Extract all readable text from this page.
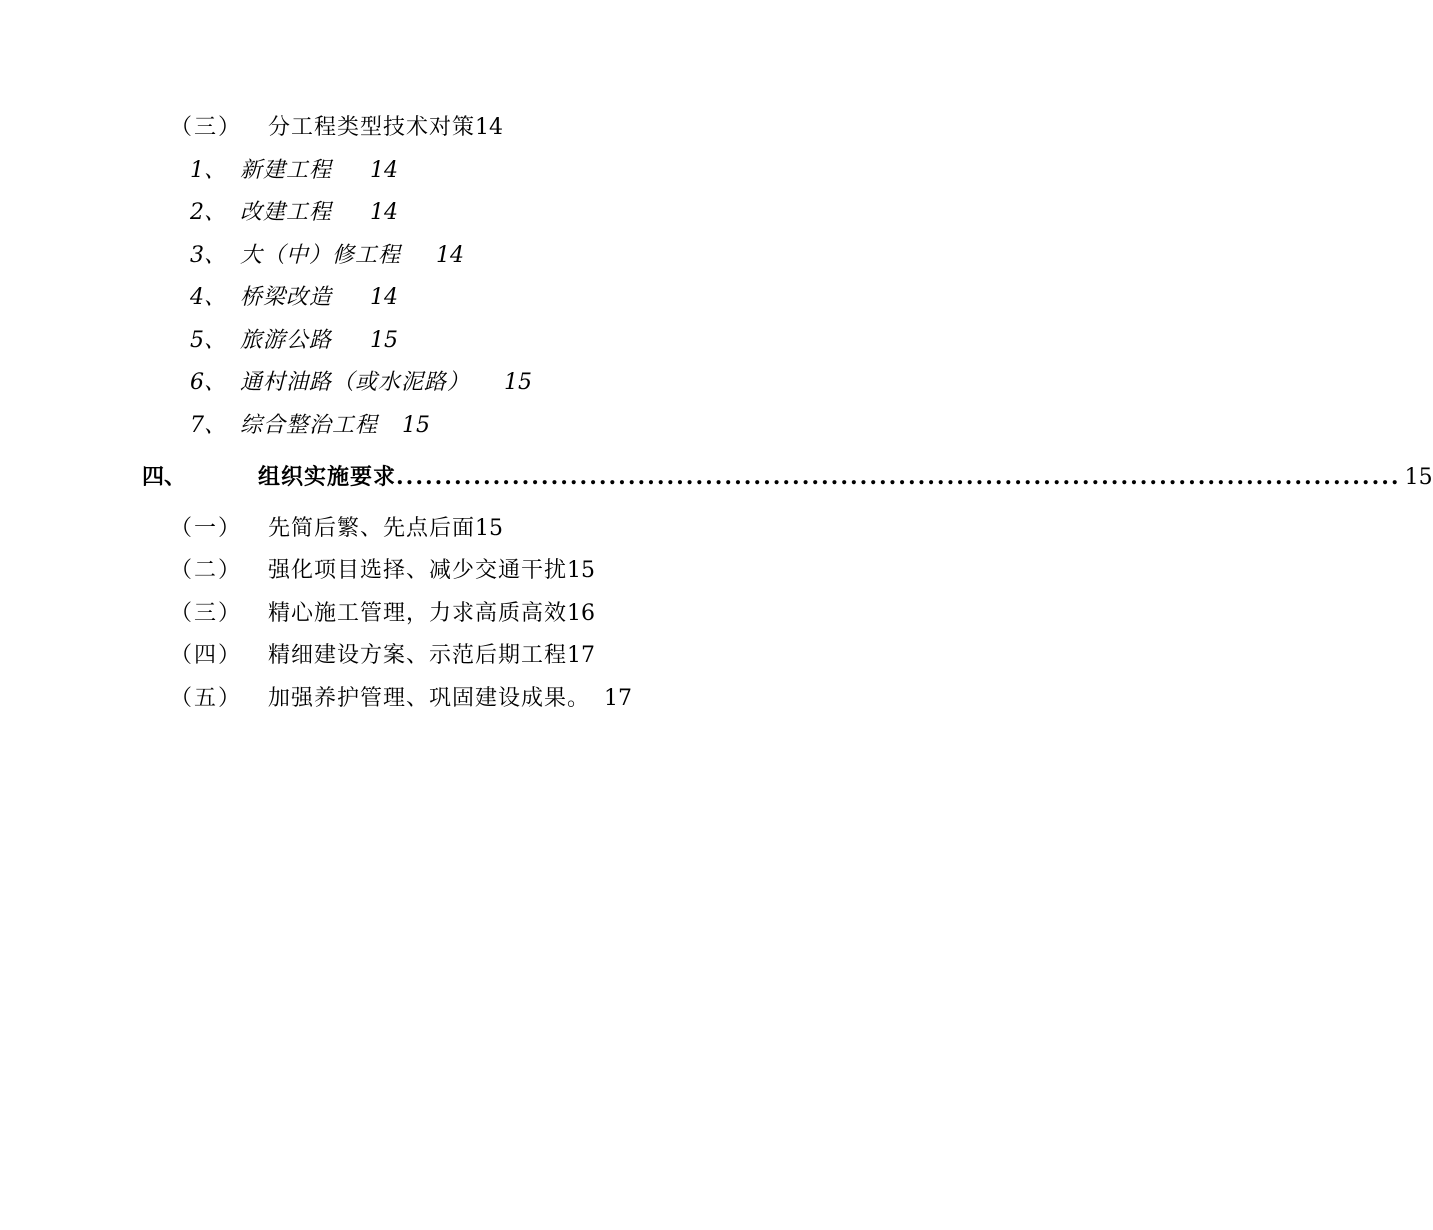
（三） 分工程类型技术对策14
1、 新建工程 14
2、 改建工程 14
3、 大（中）修工程 14
4、 桥梁改造 14
5、 旅游公路 15
6、 通村油路（或水泥路） 15
7、 综合整治工程 15
四、	组织实施要求 ........................................................................................................ 15
（一） 先简后繁、先点后面15
（二） 强化项目选择、减少交通干扰15
（三） 精心施工管理，力求高质高效16
（四） 精细建设方案、示范后期工程17
（五） 加强养护管理、巩固建设成果。 17
